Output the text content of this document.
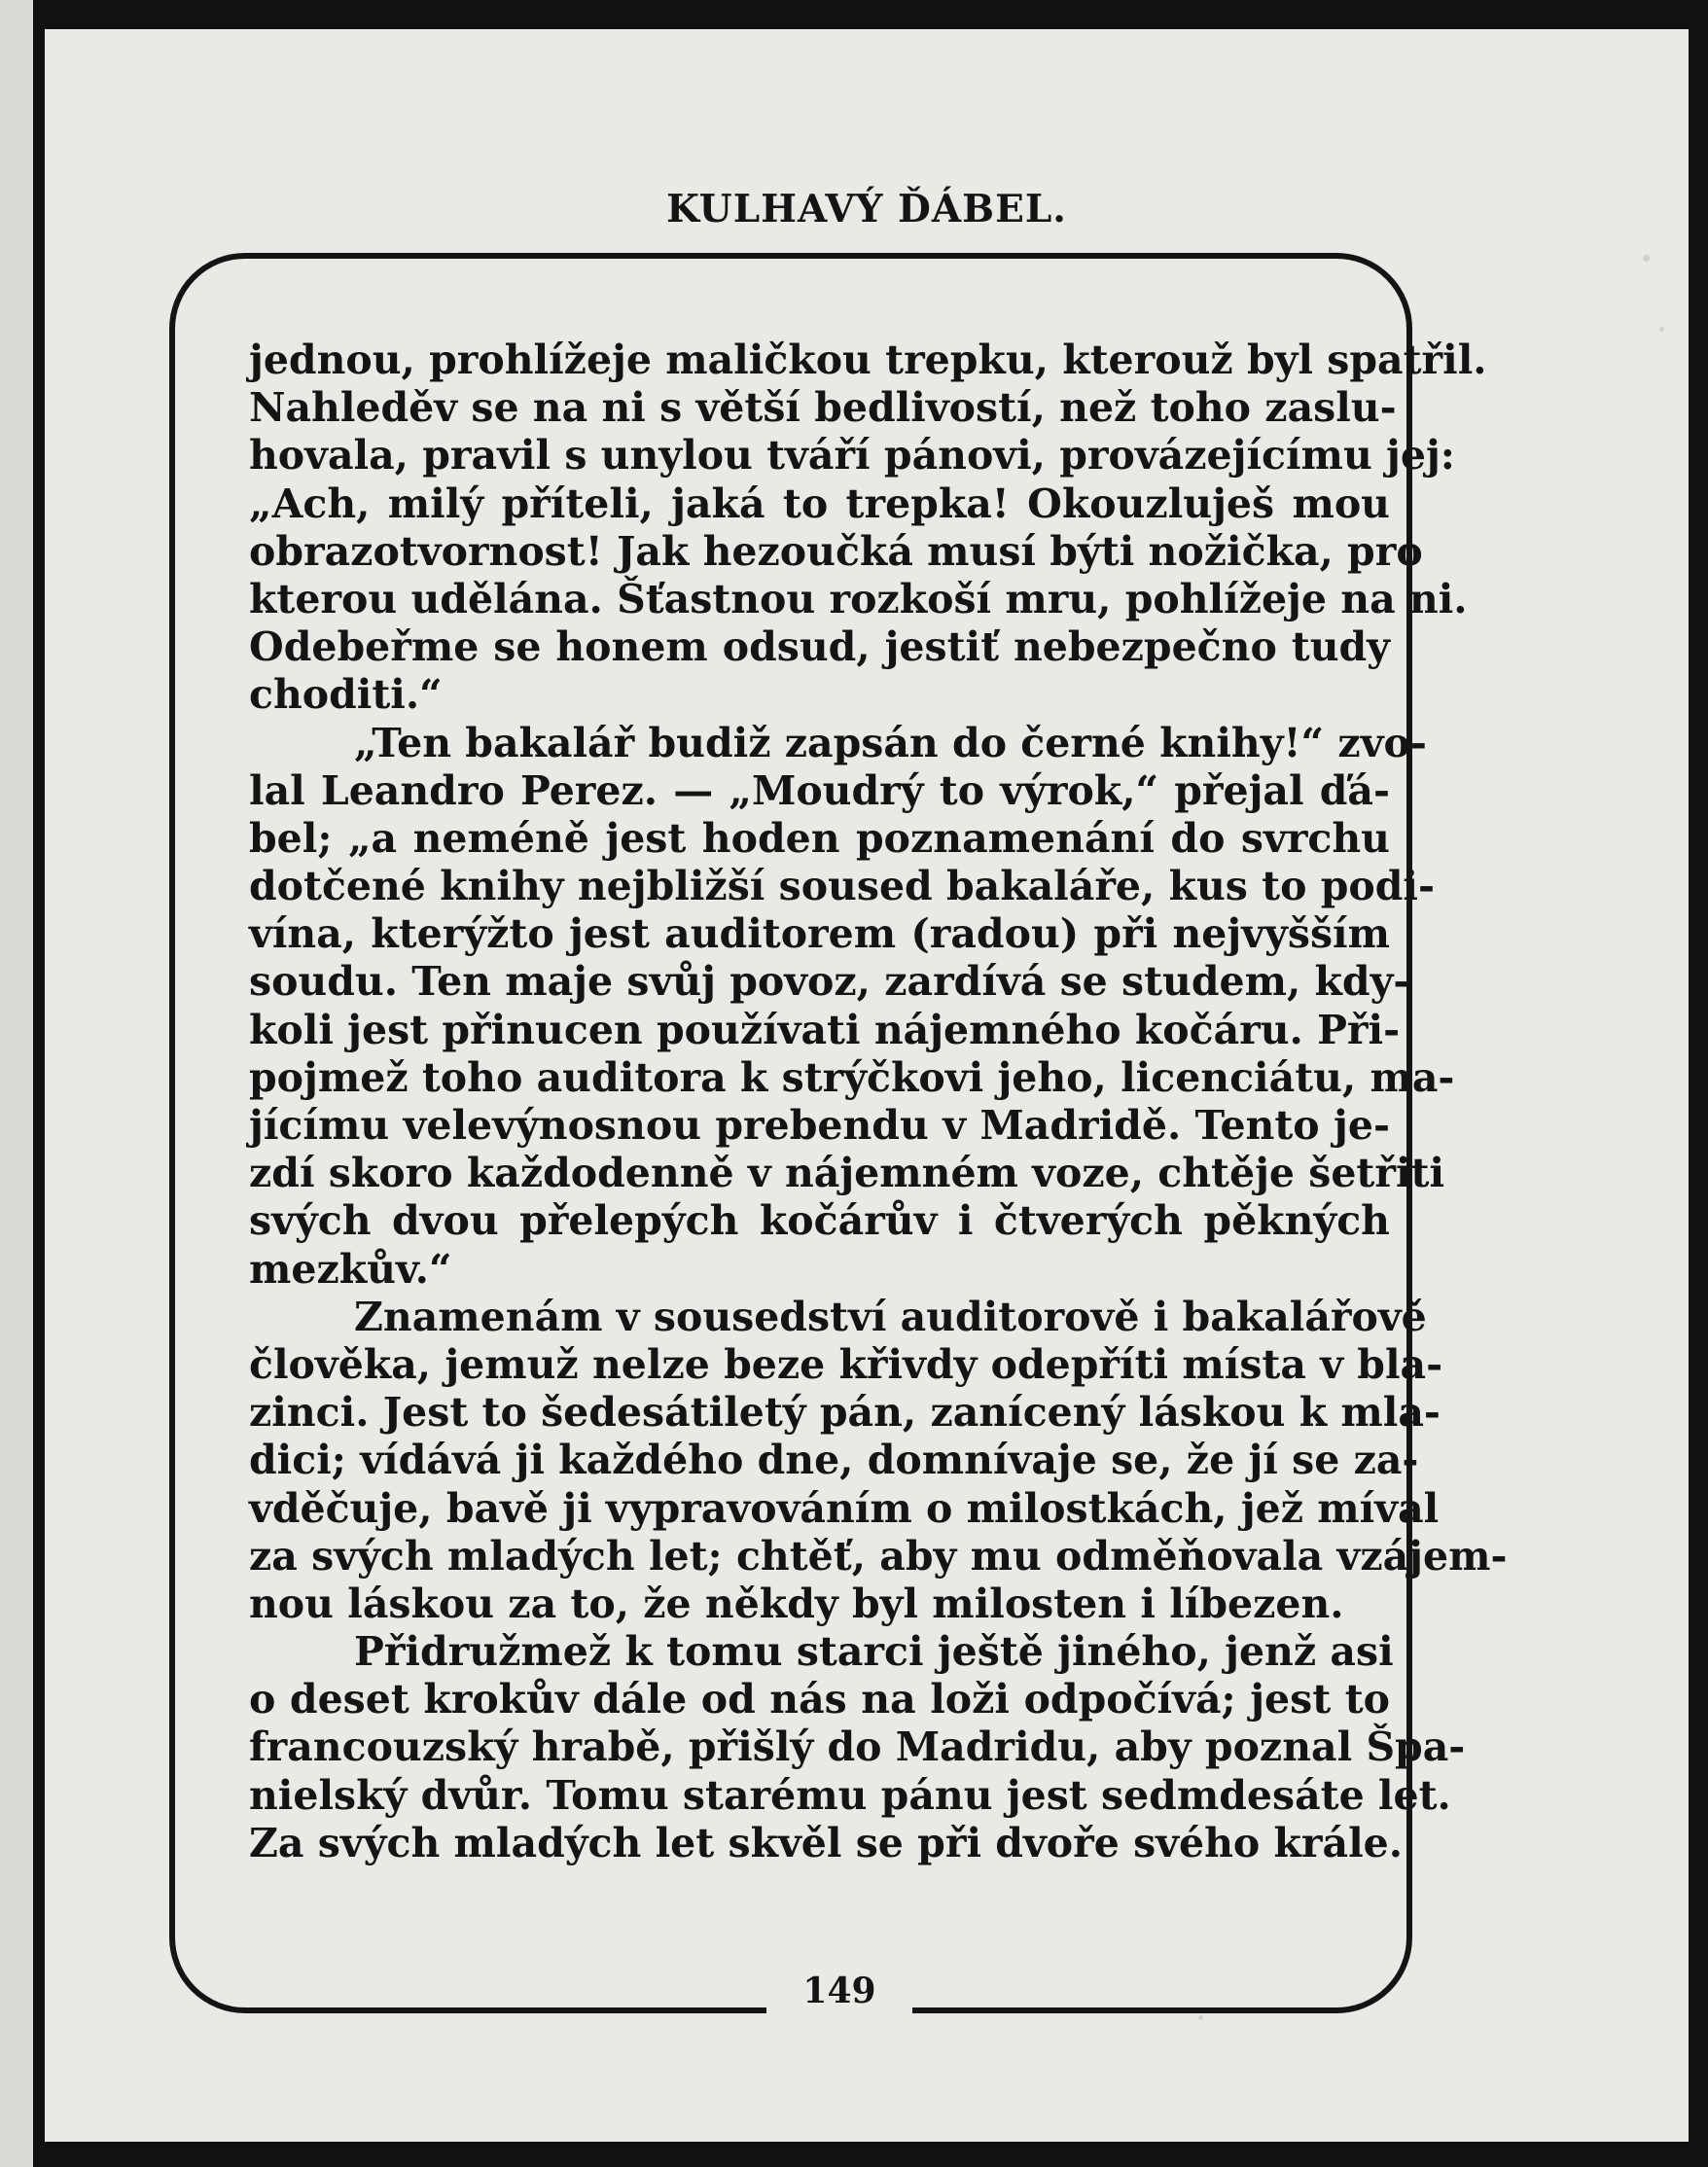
KULHAVÝ ĎÁBEL.
149
jednou, prohlížeje maličkou trepku, kterouž byl spatřil.
Nahleděv se na ni s větší bedlivostí, než toho zaslu-
hovala, pravil s unylou tváří pánovi, provázejícímu jej:
„Ach, milý příteli, jaká to trepka! Okouzluješ mou
obrazotvornost! Jak hezoučká musí býti nožička, pro
kterou udělána. Šťastnou rozkoší mru, pohlížeje na ni.
Odebeřme se honem odsud, jestiť nebezpečno tudy
choditi.“
„Ten bakalář budiž zapsán do černé knihy!“ zvo-
lal Leandro Perez. — „Moudrý to výrok,“ přejal ďá-
bel; „a neméně jest hoden poznamenání do svrchu
dotčené knihy nejbližší soused bakaláře, kus to podi-
vína, kterýžto jest auditorem (radou) při nejvyšším
soudu. Ten maje svůj povoz, zardívá se studem, kdy-
koli jest přinucen používati nájemného kočáru. Při-
pojmež toho auditora k strýčkovi jeho, licenciátu, ma-
jícímu velevýnosnou prebendu v Madridě. Tento je-
zdí skoro každodenně v nájemném voze, chtěje šetřiti
svých dvou přelepých kočárův i čtverých pěkných
mezkův.“
Znamenám v sousedství auditorově i bakalářově
člověka, jemuž nelze beze křivdy odepříti místa v bla-
zinci. Jest to šedesátiletý pán, zanícený láskou k mla-
dici; vídává ji každého dne, domnívaje se, že jí se za-
vděčuje, bavě ji vypravováním o milostkách, jež míval
za svých mladých let; chtěť, aby mu odměňovala vzájem-
nou láskou za to, že někdy byl milosten i líbezen.
Přidružmež k tomu starci ještě jiného, jenž asi
o deset krokův dále od nás na loži odpočívá; jest to
francouzský hrabě, přišlý do Madridu, aby poznal Špa-
nielský dvůr. Tomu starému pánu jest sedmdesáte let.
Za svých mladých let skvěl se při dvoře svého krále.
